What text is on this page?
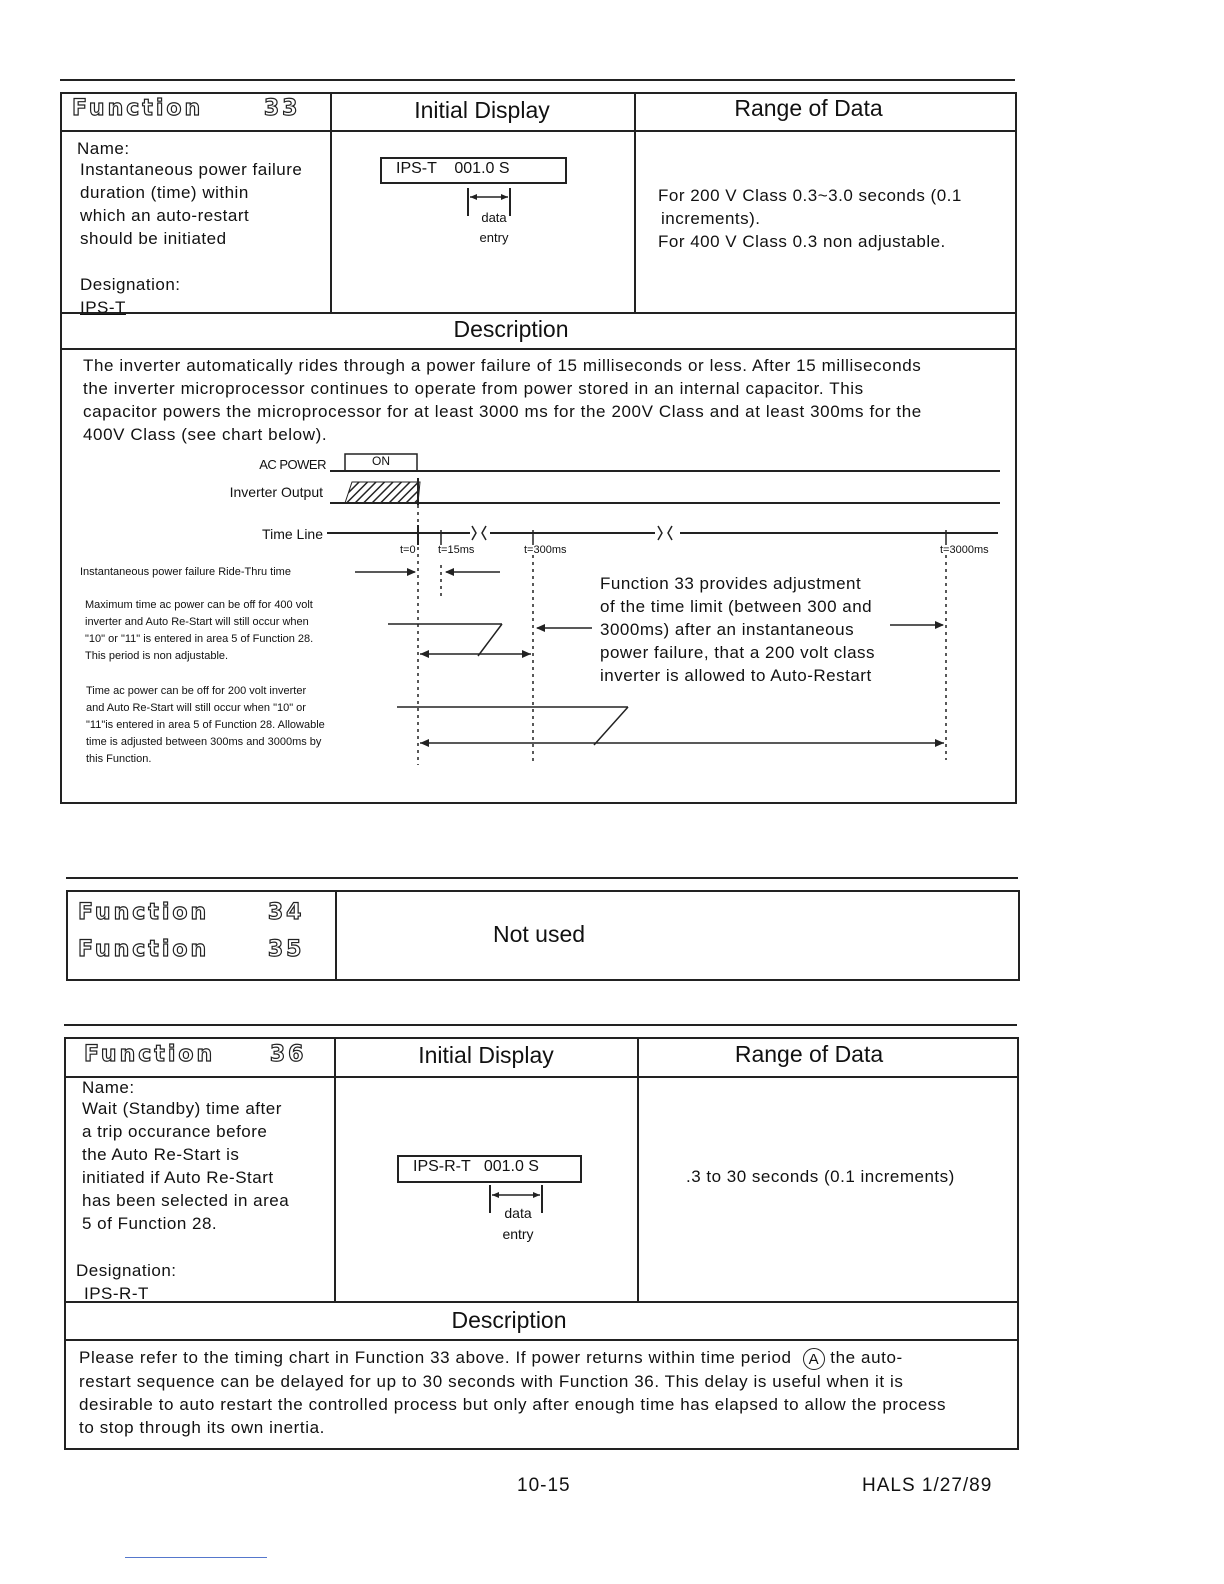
Function	33	Initial Display	Range of Data
Name:
Instantaneous power failure
duration (time) within
which an auto-restart
should be initiated
Designation:
IPS-T
IPS-T    001.0 S
data
entry
For 200 V Class 0.3~3.0 seconds (0.1
increments).
For 400 V Class 0.3 non adjustable.
Description
The inverter automatically rides through a power failure of 15 milliseconds or less. After 15 milliseconds
the inverter microprocessor continues to operate from power stored in an internal capacitor. This
capacitor powers the microprocessor for at least 3000 ms for the 200V Class and at least 300ms for the
400V Class (see chart below).
AC POWER	ON
Inverter Output
Time Line
t=0 t=15ms	t=300ms	t=3000ms
Instantaneous power failure Ride-Thru time
Maximum time ac power can be off for 400 volt
inverter and Auto Re-Start will still occur when
"10" or "11" is entered in area 5 of Function 28.
This period is non adjustable.
Time ac power can be off for 200 volt inverter
and Auto Re-Start will still occur when "10" or
"11"is entered in area 5 of Function 28. Allowable
time is adjusted between 300ms and 3000ms by
this Function.
Function 33 provides adjustment
of the time limit (between 300 and
3000ms) after an instantaneous
power failure, that a 200 volt class
inverter is allowed to Auto-Restart
Function	34
Function	35
Not used
Function 36	Initial Display	Range of Data
Name:
Wait (Standby) time after
a trip occurance before
the Auto Re-Start is
initiated if Auto Re-Start
has been selected in area
5 of Function 28.
Designation:
IPS-R-T
IPS-R-T   001.0 S
data
entry
.3 to 30 seconds (0.1 increments)
Description
Please refer to the timing chart in Function 33 above. If power returns within time period A the auto-
restart sequence can be delayed for up to 30 seconds with Function 36. This delay is useful when it is
desirable to auto restart the controlled process but only after enough time has elapsed to allow the process
to stop through its own inertia.
10-15	HALS 1/27/89
